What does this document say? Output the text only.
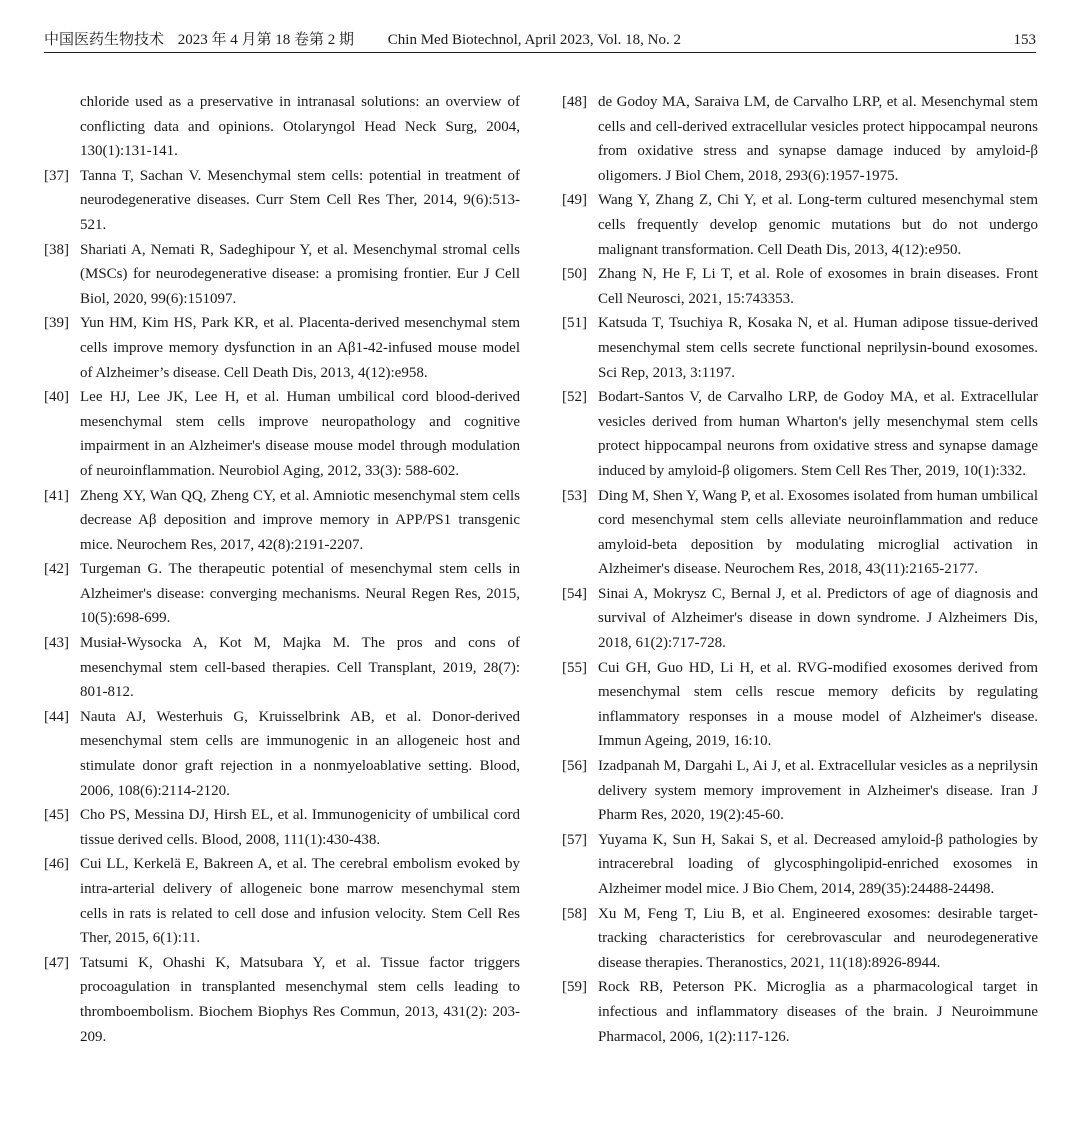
中国医药生物技术 2023 年 4 月第 18 卷第 2 期 Chin Med Biotechnol, April 2023, Vol. 18, No. 2	153
chloride used as a preservative in intranasal solutions: an overview of conflicting data and opinions. Otolaryngol Head Neck Surg, 2004, 130(1):131-141.
[37] Tanna T, Sachan V. Mesenchymal stem cells: potential in treatment of neurodegenerative diseases. Curr Stem Cell Res Ther, 2014, 9(6):513-521.
[38] Shariati A, Nemati R, Sadeghipour Y, et al. Mesenchymal stromal cells (MSCs) for neurodegenerative disease: a promising frontier. Eur J Cell Biol, 2020, 99(6):151097.
[39] Yun HM, Kim HS, Park KR, et al. Placenta-derived mesenchymal stem cells improve memory dysfunction in an Aβ1-42-infused mouse model of Alzheimer’s disease. Cell Death Dis, 2013, 4(12):e958.
[40] Lee HJ, Lee JK, Lee H, et al. Human umbilical cord blood-derived mesenchymal stem cells improve neuropathology and cognitive impairment in an Alzheimer's disease mouse model through modulation of neuroinflammation. Neurobiol Aging, 2012, 33(3): 588-602.
[41] Zheng XY, Wan QQ, Zheng CY, et al. Amniotic mesenchymal stem cells decrease Aβ deposition and improve memory in APP/PS1 transgenic mice. Neurochem Res, 2017, 42(8):2191-2207.
[42] Turgeman G. The therapeutic potential of mesenchymal stem cells in Alzheimer's disease: converging mechanisms. Neural Regen Res, 2015, 10(5):698-699.
[43] Musiał-Wysocka A, Kot M, Majka M. The pros and cons of mesenchymal stem cell-based therapies. Cell Transplant, 2019, 28(7): 801-812.
[44] Nauta AJ, Westerhuis G, Kruisselbrink AB, et al. Donor-derived mesenchymal stem cells are immunogenic in an allogeneic host and stimulate donor graft rejection in a nonmyeloablative setting. Blood, 2006, 108(6):2114-2120.
[45] Cho PS, Messina DJ, Hirsh EL, et al. Immunogenicity of umbilical cord tissue derived cells. Blood, 2008, 111(1):430-438.
[46] Cui LL, Kerkelä E, Bakreen A, et al. The cerebral embolism evoked by intra-arterial delivery of allogeneic bone marrow mesenchymal stem cells in rats is related to cell dose and infusion velocity. Stem Cell Res Ther, 2015, 6(1):11.
[47] Tatsumi K, Ohashi K, Matsubara Y, et al. Tissue factor triggers procoagulation in transplanted mesenchymal stem cells leading to thromboembolism. Biochem Biophys Res Commun, 2013, 431(2): 203-209.
[48] de Godoy MA, Saraiva LM, de Carvalho LRP, et al. Mesenchymal stem cells and cell-derived extracellular vesicles protect hippocampal neurons from oxidative stress and synapse damage induced by amyloid-β oligomers. J Biol Chem, 2018, 293(6):1957-1975.
[49] Wang Y, Zhang Z, Chi Y, et al. Long-term cultured mesenchymal stem cells frequently develop genomic mutations but do not undergo malignant transformation. Cell Death Dis, 2013, 4(12):e950.
[50] Zhang N, He F, Li T, et al. Role of exosomes in brain diseases. Front Cell Neurosci, 2021, 15:743353.
[51] Katsuda T, Tsuchiya R, Kosaka N, et al. Human adipose tissue-derived mesenchymal stem cells secrete functional neprilysin-bound exosomes. Sci Rep, 2013, 3:1197.
[52] Bodart-Santos V, de Carvalho LRP, de Godoy MA, et al. Extracellular vesicles derived from human Wharton's jelly mesenchymal stem cells protect hippocampal neurons from oxidative stress and synapse damage induced by amyloid-β oligomers. Stem Cell Res Ther, 2019, 10(1):332.
[53] Ding M, Shen Y, Wang P, et al. Exosomes isolated from human umbilical cord mesenchymal stem cells alleviate neuroinflammation and reduce amyloid-beta deposition by modulating microglial activation in Alzheimer's disease. Neurochem Res, 2018, 43(11):2165-2177.
[54] Sinai A, Mokrysz C, Bernal J, et al. Predictors of age of diagnosis and survival of Alzheimer's disease in down syndrome. J Alzheimers Dis, 2018, 61(2):717-728.
[55] Cui GH, Guo HD, Li H, et al. RVG-modified exosomes derived from mesenchymal stem cells rescue memory deficits by regulating inflammatory responses in a mouse model of Alzheimer's disease. Immun Ageing, 2019, 16:10.
[56] Izadpanah M, Dargahi L, Ai J, et al. Extracellular vesicles as a neprilysin delivery system memory improvement in Alzheimer's disease. Iran J Pharm Res, 2020, 19(2):45-60.
[57] Yuyama K, Sun H, Sakai S, et al. Decreased amyloid-β pathologies by intracerebral loading of glycosphingolipid-enriched exosomes in Alzheimer model mice. J Bio Chem, 2014, 289(35):24488-24498.
[58] Xu M, Feng T, Liu B, et al. Engineered exosomes: desirable target-tracking characteristics for cerebrovascular and neurodegenerative disease therapies. Theranostics, 2021, 11(18):8926-8944.
[59] Rock RB, Peterson PK. Microglia as a pharmacological target in infectious and inflammatory diseases of the brain. J Neuroimmune Pharmacol, 2006, 1(2):117-126.
